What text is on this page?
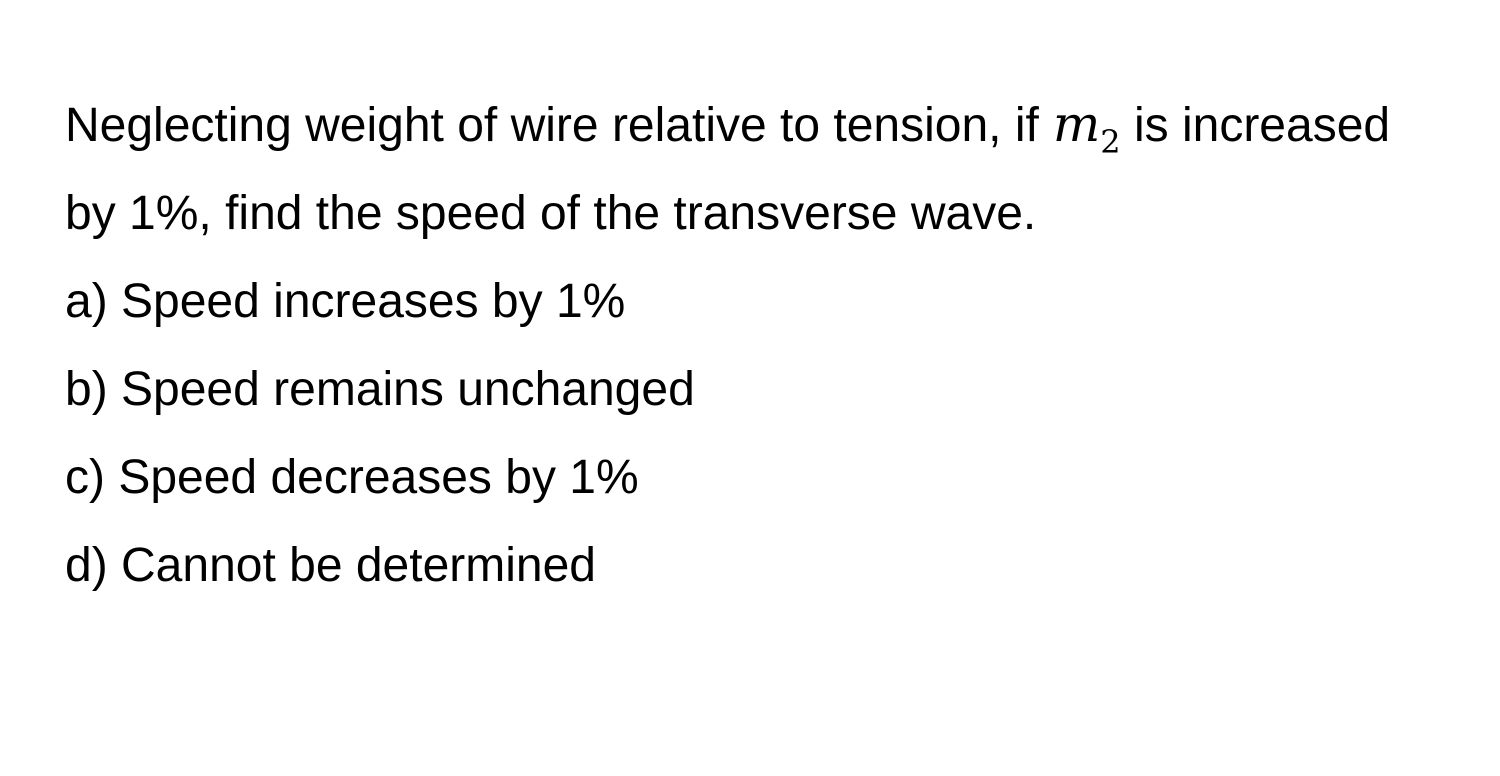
Neglecting weight of wire relative to tension, if $m_2$ is increased by 1%, find the speed of the transverse wave.

a) Speed increases by 1%
b) Speed remains unchanged
c) Speed decreases by 1%
d) Cannot be determined
